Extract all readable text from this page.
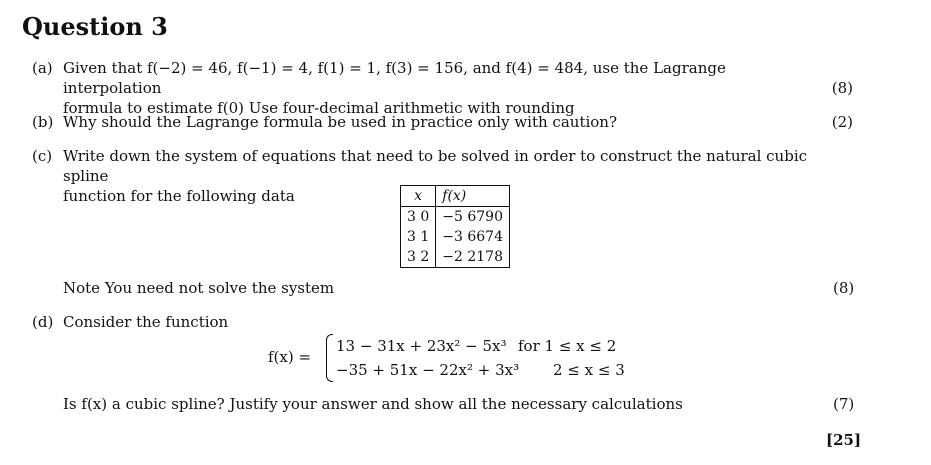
Question 3
(a) Given that f(−2) = 46, f(−1) = 4, f(1) = 1, f(3) = 156, and f(4) = 484, use the Lagrange interpolation
formula to estimate f(0) Use four-decimal arithmetic with rounding
(8)
(b) Why should the Lagrange formula be used in practice only with caution?	(2)
(c) Write down the system of equations that need to be solved in order to construct the natural cubic spline
function for the following data	x	f(x)
3 0	−5 6790
3 1	−3 6674
3 2	−2 2178
Note You need not solve the system	(8)
(d) Consider the function
f(x) =
13 − 31x + 23x² − 5x³ for 1 ≤ x ≤ 2
−35 + 51x − 22x² + 3x³ 2 ≤ x ≤ 3
Is f(x) a cubic spline? Justify your answer and show all the necessary calculations	(7)
[25]
